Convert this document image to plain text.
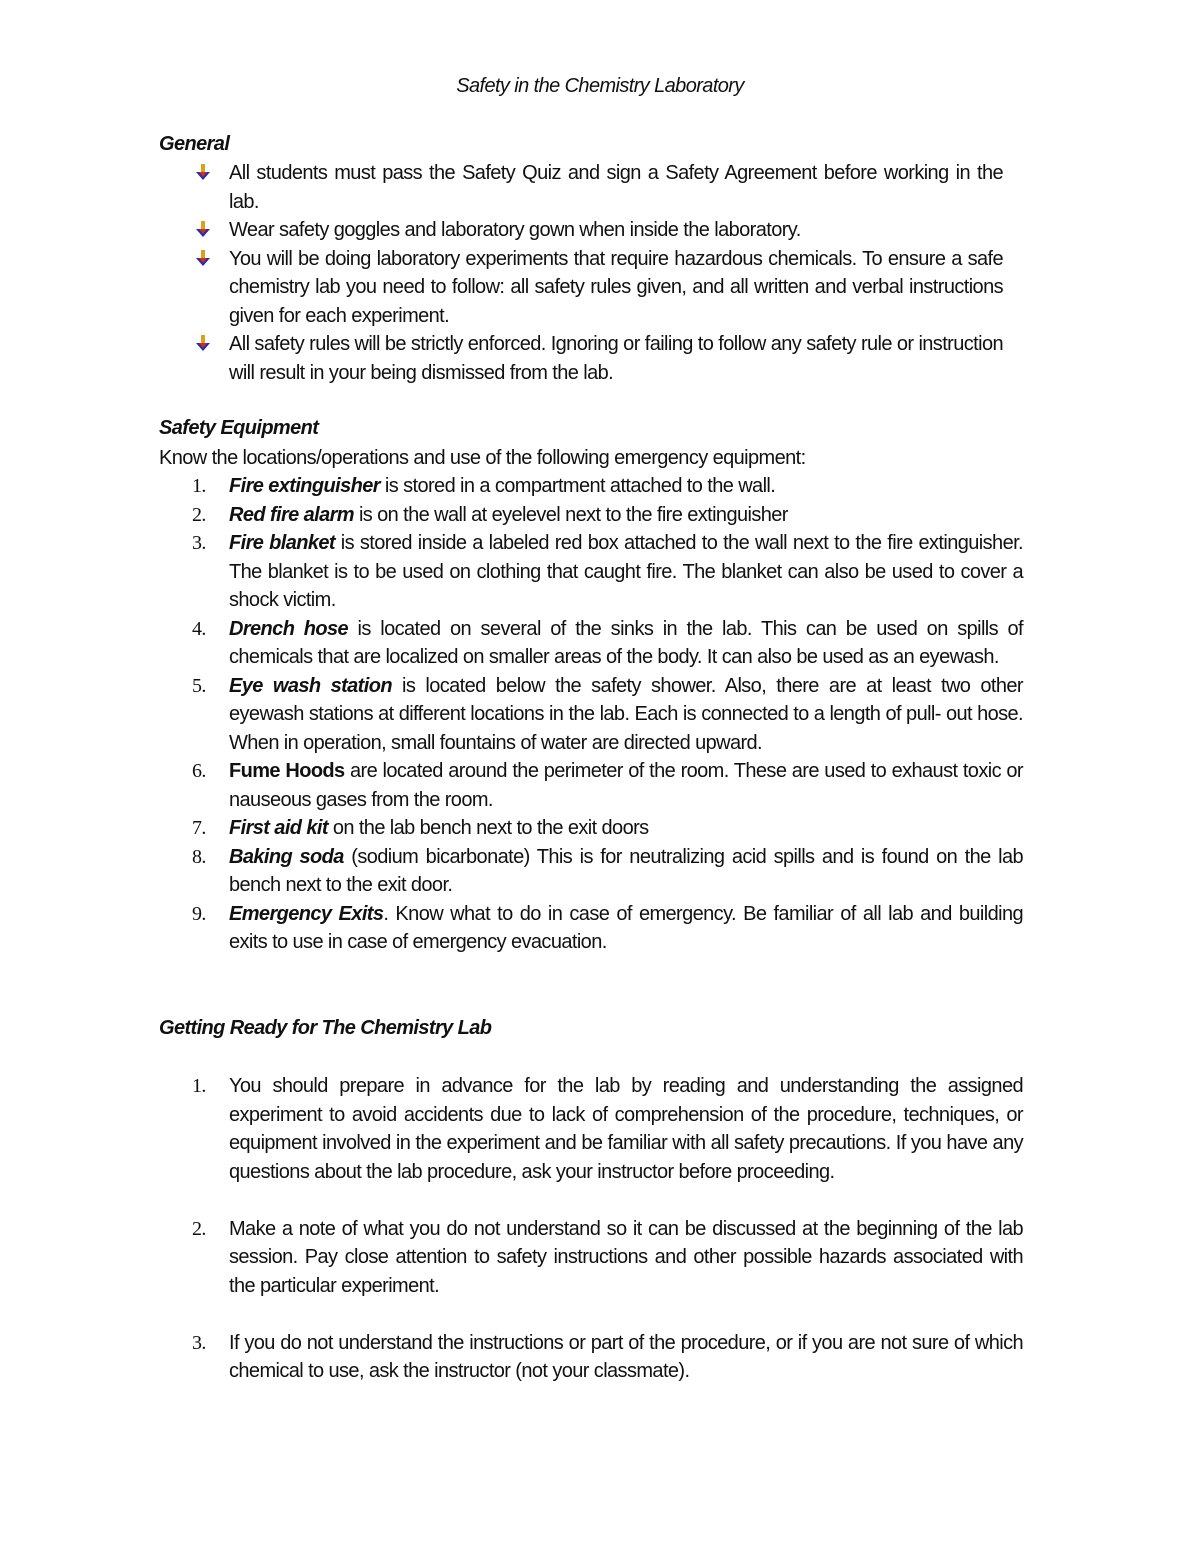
Safety in the Chemistry Laboratory
General
All students must pass the Safety Quiz and sign a Safety Agreement before working in the lab.
Wear safety goggles and laboratory gown when inside the laboratory.
You will be doing laboratory experiments that require hazardous chemicals. To ensure a safe chemistry lab you need to follow: all safety rules given, and all written and verbal instructions given for each experiment.
All safety rules will be strictly enforced. Ignoring or failing to follow any safety rule or instruction will result in your being dismissed from the lab.
Safety Equipment

Know the locations/operations and use of the following emergency equipment:

1. Fire extinguisher is stored in a compartment attached to the wall.
2. Red fire alarm is on the wall at eyelevel next to the fire extinguisher
3. Fire blanket is stored inside a labeled red box attached to the wall next to the fire extinguisher. The blanket is to be used on clothing that caught fire. The blanket can also be used to cover a shock victim.
4. Drench hose is located on several of the sinks in the lab. This can be used on spills of chemicals that are localized on smaller areas of the body. It can also be used as an eyewash.
5. Eye wash station is located below the safety shower. Also, there are at least two other eyewash stations at different locations in the lab. Each is connected to a length of pull- out hose. When in operation, small fountains of water are directed upward.
6. Fume Hoods are located around the perimeter of the room. These are used to exhaust toxic or nauseous gases from the room.
7. First aid kit on the lab bench next to the exit doors
8. Baking soda (sodium bicarbonate) This is for neutralizing acid spills and is found on the lab bench next to the exit door.
9. Emergency Exits. Know what to do in case of emergency. Be familiar of all lab and building exits to use in case of emergency evacuation.
Getting Ready for The Chemistry Lab
1. You should prepare in advance for the lab by reading and understanding the assigned experiment to avoid accidents due to lack of comprehension of the procedure, techniques, or equipment involved in the experiment and be familiar with all safety precautions. If you have any questions about the lab procedure, ask your instructor before proceeding.
2. Make a note of what you do not understand so it can be discussed at the beginning of the lab session. Pay close attention to safety instructions and other possible hazards associated with the particular experiment.
3. If you do not understand the instructions or part of the procedure, or if you are not sure of which chemical to use, ask the instructor (not your classmate).
